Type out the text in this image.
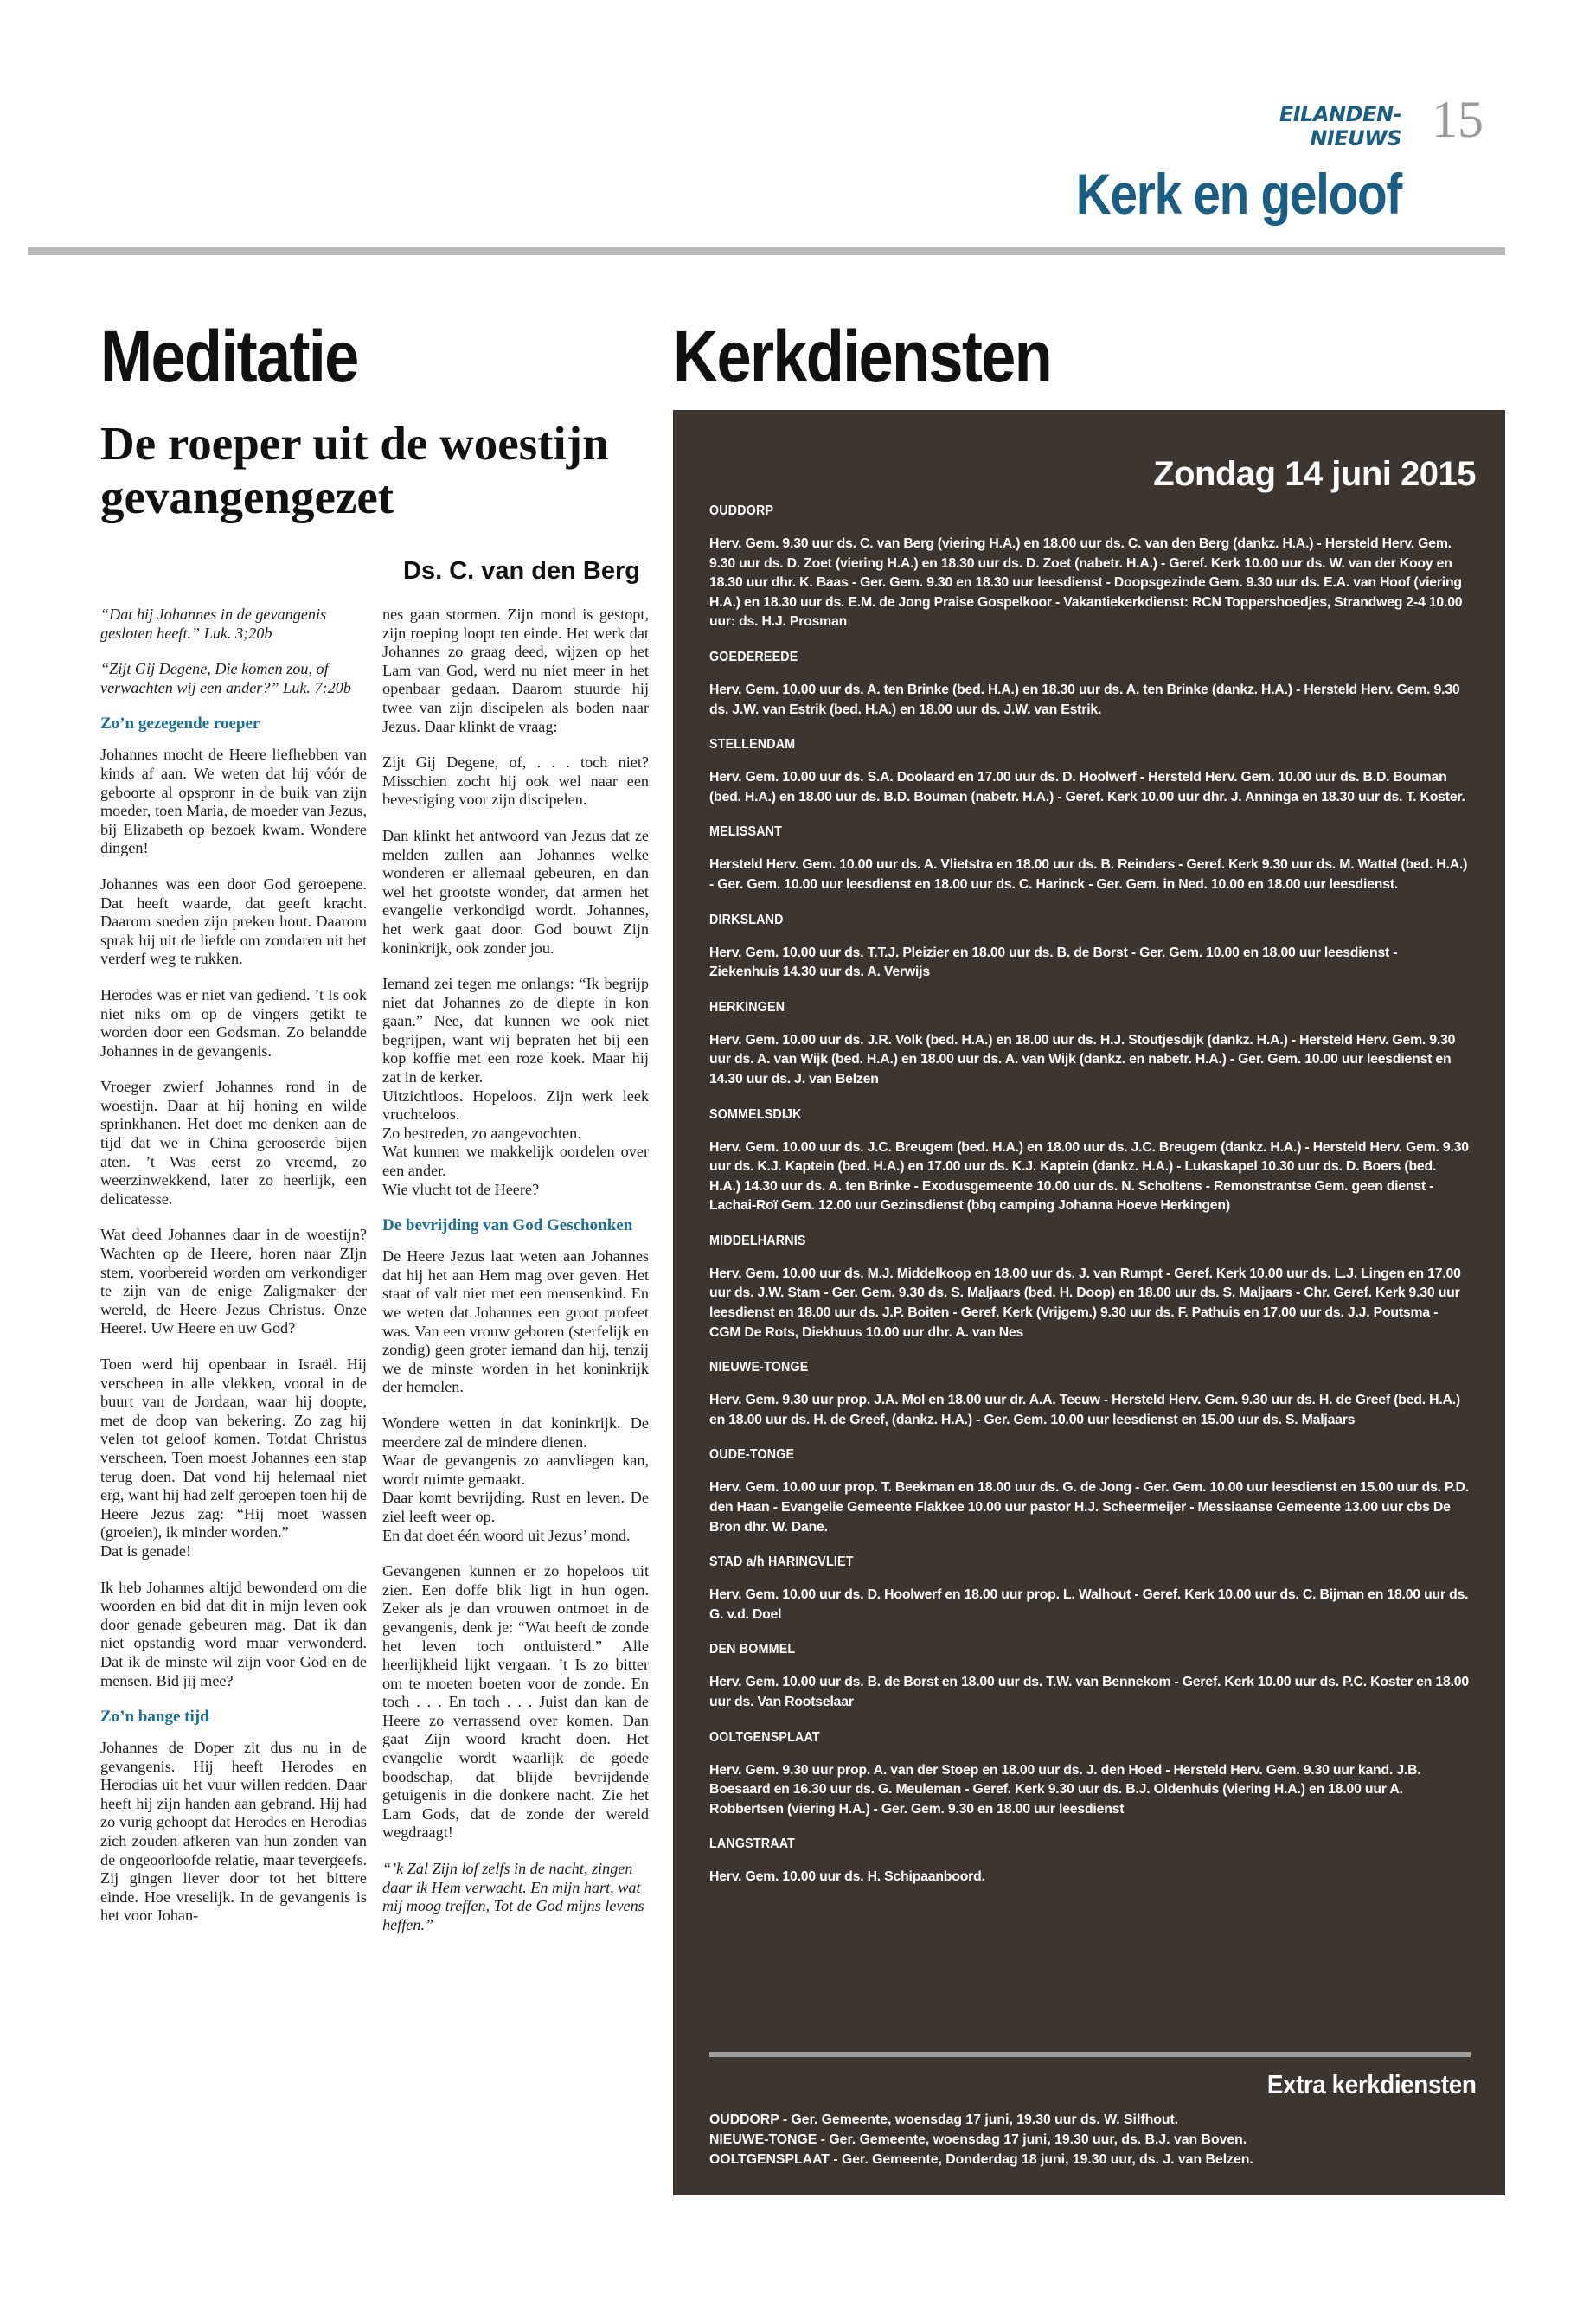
EILANDEN-NIEUWS 15
Kerk en geloof
Meditatie
De roeper uit de woestijn gevangengezet
Ds. C. van den Berg

“Dat hij Johannes in de gevangenis gesloten heeft.” Luk. 3;20b

“Zijt Gij Degene, Die komen zou, of verwachten wij een ander?” Luk. 7:20b

Zo’n gezegende roeper

Johannes mocht de Heere liefhebben van kinds af aan. We weten dat hij vóór de geboorte al opspronг in de buik van zijn moeder, toen Maria, de moeder van Jezus, bij Elizabeth op bezoek kwam. Wondere dingen!

Johannes was een door God geroepene. Dat heeft waarde, dat geeft kracht. Daarom sneden zijn preken hout. Daarom sprak hij uit de liefde om zondaren uit het verderf weg te rukken.

Herodes was er niet van gediend. ’t Is ook niet niks om op de vingers getikt te worden door een Godsman. Zo belandde Johannes in de gevangenis.

Vroeger zwierf Johannes rond in de woestijn. Daar at hij honing en wilde sprinkhanen. Het doet me denken aan de tijd dat we in China gerooserde bijen aten. ’t Was eerst zo vreemd, zo weerzinwekkend, later zo heerlijk, een delicatesse.

Wat deed Johannes daar in de woestijn? Wachten op de Heere, horen naar ZIjn stem, voorbereid worden om verkondiger te zijn van de enige Zaligmaker der wereld, de Heere Jezus Christus. Onze Heere!. Uw Heere en uw God?

Toen werd hij openbaar in Israël. Hij verscheen in alle vlekken, vooral in de buurt van de Jordaan, waar hij doopte, met de doop van bekering. Zo zag hij velen tot geloof komen. Totdat Christus verscheen. Toen moest Johannes een stap terug doen. Dat vond hij helemaal niet erg, want hij had zelf geroepen toen hij de Heere Jezus zag: “Hij moet wassen (groeien), ik minder worden.”

Dat is genade!

Ik heb Johannes altijd bewonderd om die woorden en bid dat dit in mijn leven ook door genade gebeuren mag. Dat ik dan niet opstandig word maar verwonderd. Dat ik de minste wil zijn voor God en de mensen. Bid jij mee?

Zo’n bange tijd

Johannes de Doper zit dus nu in de gevangenis. Hij heeft Herodes en Herodias uit het vuur willen redden. Daar heeft hij zijn handen aan gebrand. Hij had zo vurig gehoopt dat Herodes en Herodias zich zouden afkeren van hun zonden van de ongeoorloofde relatie, maar tevergeefs. Zij gingen liever door tot het bittere einde. Hoe vreselijk. In de gevangenis is het voor Johan-

nes gaan stormen. Zijn mond is gestopt, zijn roeping loopt ten einde. Het werk dat Johannes zo graag deed, wijzen op het Lam van God, werd nu niet meer in het openbaar gedaan. Daarom stuurde hij twee van zijn discipelen als boden naar Jezus. Daar klinkt de vraag:

Zijt Gij Degene, of, . . . toch niet? Misschien zocht hij ook wel naar een bevestiging voor zijn discipelen.

Dan klinkt het antwoord van Jezus dat ze melden zullen aan Johannes welke wonderen er allemaal gebeuren, en dan wel het grootste wonder, dat armen het evangelie verkondigd wordt. Johannes, het werk gaat door. God bouwt Zijn koninkrijk, ook zonder jou.

Iemand zei tegen me onlangs: “Ik begrijp niet dat Johannes zo de diepte in kon gaan.” Nee, dat kunnen we ook niet begrijpen, want wij bepraten het bij een kop koffie met een roze koek. Maar hij zat in de kerker.

Uitzichtloos. Hopeloos. Zijn werk leek vruchteloos.

Zo bestreden, zo aangevochten.

Wat kunnen we makkelijk oordelen over een ander.

Wie vlucht tot de Heere?

De bevrijding van God Geschonken

De Heere Jezus laat weten aan Johannes dat hij het aan Hem mag over geven. Het staat of valt niet met een mensenkind. En we weten dat Johannes een groot profeet was. Van een vrouw geboren (sterfelijk en zondig) geen groter iemand dan hij, tenzij we de minste worden in het koninkrijk der hemelen.

Wondere wetten in dat koninkrijk. De meerdere zal de mindere dienen.

Waar de gevangenis zo aanvliegen kan, wordt ruimte gemaakt.

Daar komt bevrijding. Rust en leven. De ziel leeft weer op.

En dat doet één woord uit Jezus’ mond.

Gevangenen kunnen er zo hopeloos uit zien. Een doffe blik ligt in hun ogen. Zeker als je dan vrouwen ontmoet in de gevangenis, denk je: “Wat heeft de zonde het leven toch ontluisterd.” Alle heerlijkheid lijkt vergaan. ’t Is zo bitter om te moeten boeten voor de zonde. En toch . . . En toch . . . Juist dan kan de Heere zo verrassend over komen. Dan gaat Zijn woord kracht doen. Het evangelie wordt waarlijk de goede boodschap, dat blijde bevrijdende getuigenis in die donkere nacht. Zie het Lam Gods, dat de zonde der wereld wegdraagt!

“’k Zal Zijn lof zelfs in de nacht, zingen daar ik Hem verwacht. En mijn hart, wat mij moog treffen, Tot de God mijns levens heffen.”

Kerkdiensten
Zondag 14 juni 2015
OUDDORP
Herv. Gem. 9.30 uur ds. C. van Berg (viering H.A.) en 18.00 uur ds. C. van den Berg (dankz. H.A.) - Hersteld Herv. Gem. 9.30 uur ds. D. Zoet (viering H.A.) en 18.30 uur ds. D. Zoet (nabetr. H.A.) - Geref. Kerk 10.00 uur ds. W. van der Kooy en 18.30 uur dhr. K. Baas - Ger. Gem. 9.30 en 18.30 uur leesdienst - Doopsgezinde Gem. 9.30 uur ds. E.A. van Hoof (viering H.A.) en 18.30 uur ds. E.M. de Jong Praise Gospelkoor - Vakantiekerkdienst: RCN Toppershoedjes, Strandweg 2-4 10.00 uur: ds. H.J. Prosman
GOEDEREEDE
Herv. Gem. 10.00 uur ds. A. ten Brinke (bed. H.A.) en 18.30 uur ds. A. ten Brinke (dankz. H.A.) - Hersteld Herv. Gem. 9.30 ds. J.W. van Estrik (bed. H.A.) en 18.00 uur ds. J.W. van Estrik.
STELLENDAM
Herv. Gem. 10.00 uur ds. S.A. Doolaard en 17.00 uur ds. D. Hoolwerf - Hersteld Herv. Gem. 10.00 uur ds. B.D. Bouman (bed. H.A.) en 18.00 uur ds. B.D. Bouman (nabetr. H.A.) - Geref. Kerk 10.00 uur dhr. J. Anninga en 18.30 uur ds. T. Koster.
MELISSANT
Hersteld Herv. Gem. 10.00 uur ds. A. Vlietstra en 18.00 uur ds. B. Reinders - Geref. Kerk 9.30 uur ds. M. Wattel (bed. H.A.) - Ger. Gem. 10.00 uur leesdienst en 18.00 uur ds. C. Harinck - Ger. Gem. in Ned. 10.00 en 18.00 uur leesdienst.
DIRKSLAND
Herv. Gem. 10.00 uur ds. T.T.J. Pleizier en 18.00 uur ds. B. de Borst - Ger. Gem. 10.00 en 18.00 uur leesdienst - Ziekenhuis 14.30 uur ds. A. Verwijs
HERKINGEN
Herv. Gem. 10.00 uur ds. J.R. Volk (bed. H.A.) en 18.00 uur ds. H.J. Stoutjesdijk (dankz. H.A.) - Hersteld Herv. Gem. 9.30 uur ds. A. van Wijk (bed. H.A.) en 18.00 uur ds. A. van Wijk (dankz. en nabetr. H.A.) - Ger. Gem. 10.00 uur leesdienst en 14.30 uur ds. J. van Belzen
SOMMELSDIJK
Herv. Gem. 10.00 uur ds. J.C. Breugem (bed. H.A.) en 18.00 uur ds. J.C. Breugem (dankz. H.A.) - Hersteld Herv. Gem. 9.30 uur ds. K.J. Kaptein (bed. H.A.) en 17.00 uur ds. K.J. Kaptein (dankz. H.A.) - Lukaskapel 10.30 uur ds. D. Boers (bed. H.A.) 14.30 uur ds. A. ten Brinke - Exodusgemeente 10.00 uur ds. N. Scholtens - Remonstrantse Gem. geen dienst - Lachai-Roï Gem. 12.00 uur Gezinsdienst (bbq camping Johanna Hoeve Herkingen)
MIDDELHARNIS
Herv. Gem. 10.00 uur ds. M.J. Middelkoop en 18.00 uur ds. J. van Rumpt - Geref. Kerk 10.00 uur ds. L.J. Lingen en 17.00 uur ds. J.W. Stam - Ger. Gem. 9.30 ds. S. Maljaars (bed. H. Doop) en 18.00 uur ds. S. Maljaars - Chr. Geref. Kerk 9.30 uur leesdienst en 18.00 uur ds. J.P. Boiten - Geref. Kerk (Vrijgem.) 9.30 uur ds. F. Pathuis en 17.00 uur ds. J.J. Poutsma - CGM De Rots, Diekhuus 10.00 uur dhr. A. van Nes
NIEUWE-TONGE
Herv. Gem. 9.30 uur prop. J.A. Mol en 18.00 uur dr. A.A. Teeuw - Hersteld Herv. Gem. 9.30 uur ds. H. de Greef (bed. H.A.) en 18.00 uur ds. H. de Greef, (dankz. H.A.) - Ger. Gem. 10.00 uur leesdienst en 15.00 uur ds. S. Maljaars
OUDE-TONGE
Herv. Gem. 10.00 uur prop. T. Beekman en 18.00 uur ds. G. de Jong - Ger. Gem. 10.00 uur leesdienst en 15.00 uur ds. P.D. den Haan - Evangelie Gemeente Flakkee 10.00 uur pastor H.J. Scheermeijer - Messiaanse Gemeente 13.00 uur cbs De Bron dhr. W. Dane.
STAD a/h HARINGVLIET
Herv. Gem. 10.00 uur ds. D. Hoolwerf en 18.00 uur prop. L. Walhout - Geref. Kerk 10.00 uur ds. C. Bijman en 18.00 uur ds. G. v.d. Doel
DEN BOMMEL
Herv. Gem. 10.00 uur ds. B. de Borst en 18.00 uur ds. T.W. van Bennekom - Geref. Kerk 10.00 uur ds. P.C. Koster en 18.00 uur ds. Van Rootselaar
OOLTGENSPLAAT
Herv. Gem. 9.30 uur prop. A. van der Stoep en 18.00 uur ds. J. den Hoed - Hersteld Herv. Gem. 9.30 uur kand. J.B. Boesaard en 16.30 uur ds. G. Meuleman - Geref. Kerk 9.30 uur ds. B.J. Oldenhuis (viering H.A.) en 18.00 uur A. Robbertsen (viering H.A.) - Ger. Gem. 9.30 en 18.00 uur leesdienst
LANGSTRAAT
Herv. Gem. 10.00 uur ds. H. Schipaanboord.
Extra kerkdiensten
OUDDORP - Ger. Gemeente, woensdag 17 juni, 19.30 uur ds. W. Silfhout.
NIEUWE-TONGE - Ger. Gemeente, woensdag 17 juni, 19.30 uur, ds. B.J. van Boven.
OOLTGENSPLAAT - Ger. Gemeente, Donderdag 18 juni, 19.30 uur, ds. J. van Belzen.
